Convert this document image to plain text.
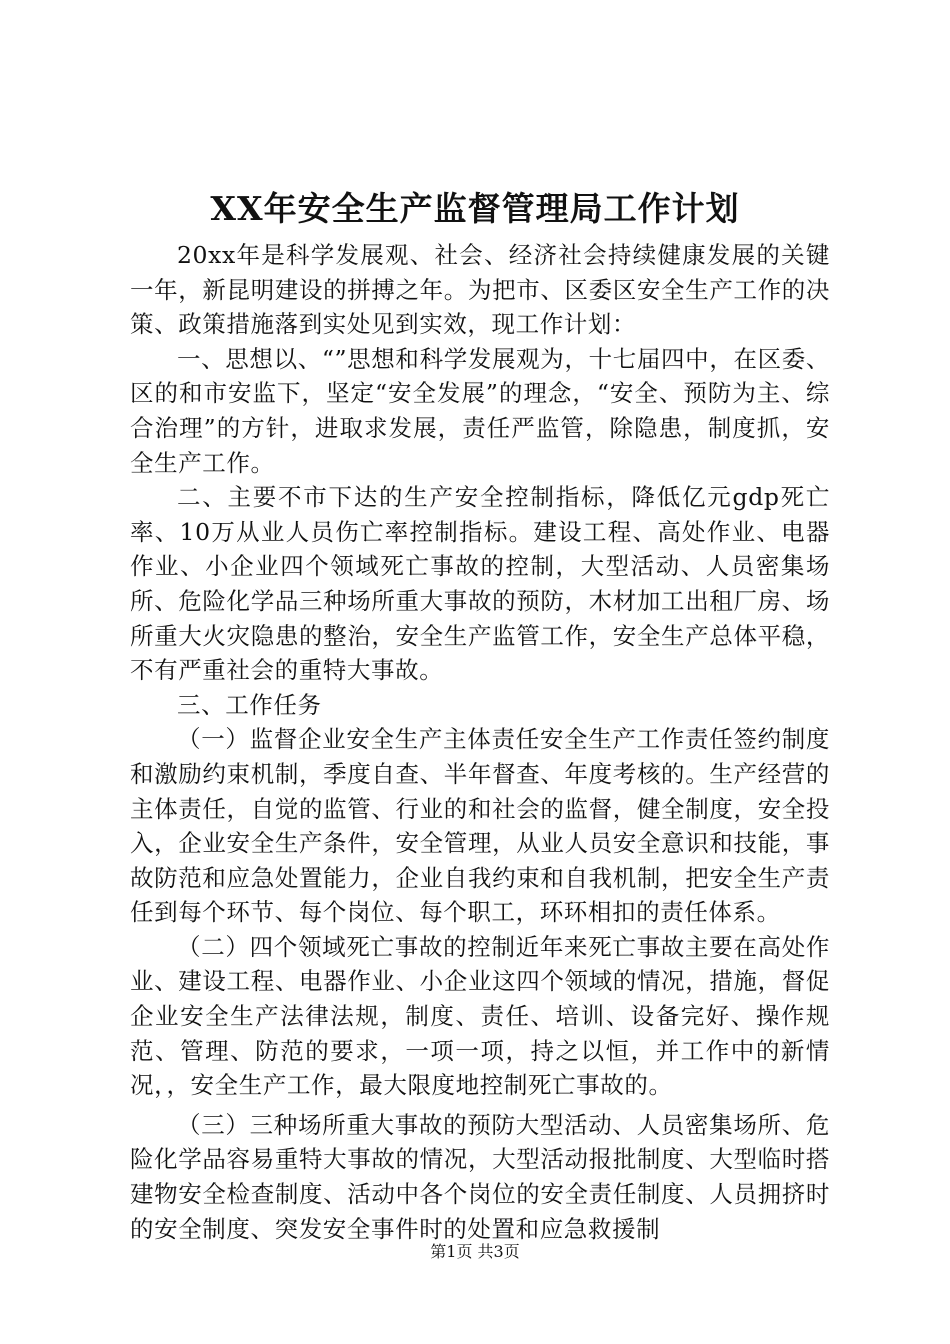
XX年安全生产监督管理局工作计划

20xx年是科学发展观、社会、经济社会持续健康发展的关键一年，新昆明建设的拼搏之年。为把市、区委区安全生产工作的决策、政策措施落到实处见到实效，现工作计划：

一、思想以、“”思想和科学发展观为，十七届四中，在区委、区的和市安监下，坚定“安全发展”的理念，“安全、预防为主、综合治理”的方针，进取求发展，责任严监管，除隐患，制度抓，安全生产工作。

二、主要不市下达的生产安全控制指标，降低亿元gdp死亡率、10万从业人员伤亡率控制指标。建设工程、高处作业、电器作业、小企业四个领域死亡事故的控制，大型活动、人员密集场所、危险化学品三种场所重大事故的预防，木材加工出租厂房、场所重大火灾隐患的整治，安全生产监管工作，安全生产总体平稳，不有严重社会的重特大事故。

三、工作任务

（一）监督企业安全生产主体责任安全生产工作责任签约制度和激励约束机制，季度自查、半年督查、年度考核的。生产经营的主体责任，自觉的监管、行业的和社会的监督，健全制度，安全投入，企业安全生产条件，安全管理，从业人员安全意识和技能，事故防范和应急处置能力，企业自我约束和自我机制，把安全生产责任到每个环节、每个岗位、每个职工，环环相扣的责任体系。

（二）四个领域死亡事故的控制近年来死亡事故主要在高处作业、建设工程、电器作业、小企业这四个领域的情况，措施，督促企业安全生产法律法规，制度、责任、培训、设备完好、操作规范、管理、防范的要求，一项一项，持之以恒，并工作中的新情况，，安全生产工作，最大限度地控制死亡事故的。

（三）三种场所重大事故的预防大型活动、人员密集场所、危险化学品容易重特大事故的情况，大型活动报批制度、大型临时搭建物安全检查制度、活动中各个岗位的安全责任制度、人员拥挤时的安全制度、突发安全事件时的处置和应急救援制

第1页 共3页
